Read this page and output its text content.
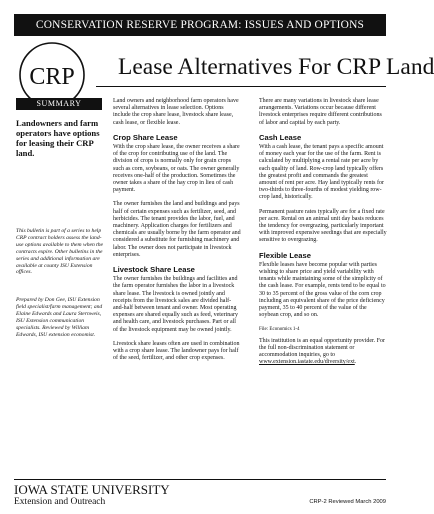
CONSERVATION RESERVE PROGRAM: ISSUES AND OPTIONS
CRP Lease Alternatives For CRP Land
SUMMARY
Landowners and farm operators have options for leasing their CRP land.
This bulletin is part of a series to help CRP contract holders assess the land-use options available to them when the contracts expire. Other bulletins in the series and additional information are available at county ISU Extension offices.
Prepared by Don Gee, ISU Extension field specialist/farm management; and Elaine Edwards and Laura Sternweis, ISU Extension communication specialists. Reviewed by William Edwards, ISU extension economist.

Land owners and neighborhood farm operators have several alternatives in lease selection. Options include the crop share lease, livestock share lease, cash lease, or flexible lease.

Crop Share Lease

With the crop share lease, the owner receives a share of the crop for contributing use of the land. The division of crops is normally only for grain crops such as corn, soybeans, or oats. The owner generally receives one-half of the production. Sometimes the owner takes a share of the hay crop in lieu of cash payment.

The owner furnishes the land and buildings and pays half of certain expenses such as fertilizer, seed, and herbicides. The tenant provides the labor, fuel, and machinery. Application charges for fertilizers and chemicals are usually borne by the farm operator and considered a substitute for furnishing machinery and labor. The owner does not participate in livestock enterprises.

Livestock Share Lease

The owner furnishes the buildings and facilities and the farm operator furnishes the labor in a livestock share lease. The livestock is owned jointly and receipts from the livestock sales are divided half-and-half between tenant and owner. Most operating expenses are shared equally such as feed, veterinary and health care, and livestock purchases. Part or all of the livestock equipment may be owned jointly.

Livestock share leases often are used in combination with a crop share lease. The landowner pays for half of the seed, fertilizer, and other crop expenses.

There are many variations in livestock share lease arrangements. Variations occur because different livestock enterprises require different contributions of labor and capital by each party.

Cash Lease

With a cash lease, the tenant pays a specific amount of money each year for the use of the farm. Rent is calculated by multiplying a rental rate per acre by each quality of land. Row-crop land typically offers the greatest profit and commands the greatest amount of rent per acre. Hay land typically rents for two-thirds to three-fourths of modest yielding row-crop land, historically.

Permanent pasture rates typically are for a fixed rate per acre. Rental on an animal unit day basis reduces the tendency for overgrazing, particularly important with improved expensive seedings that are especially sensitive to overgrazing.

Flexible Lease

Flexible leases have become popular with parties wishing to share price and yield variability with tenants while maintaining some of the simplicity of the cash lease. For example, rents tend to be equal to 30 to 35 percent of the gross value of the corn crop including an equivalent share of the price deficiency payment, 35 to 40 percent of the value of the soybean crop, and so on.

File: Economics 1-4

This institution is an equal opportunity provider. For the full non-discrimination statement or accommodation inquiries, go to www.extension.iastate.edu/diversity/ext.

IOWA STATE UNIVERSITY
Extension and Outreach	CRP-2 Reviewed March 2009
